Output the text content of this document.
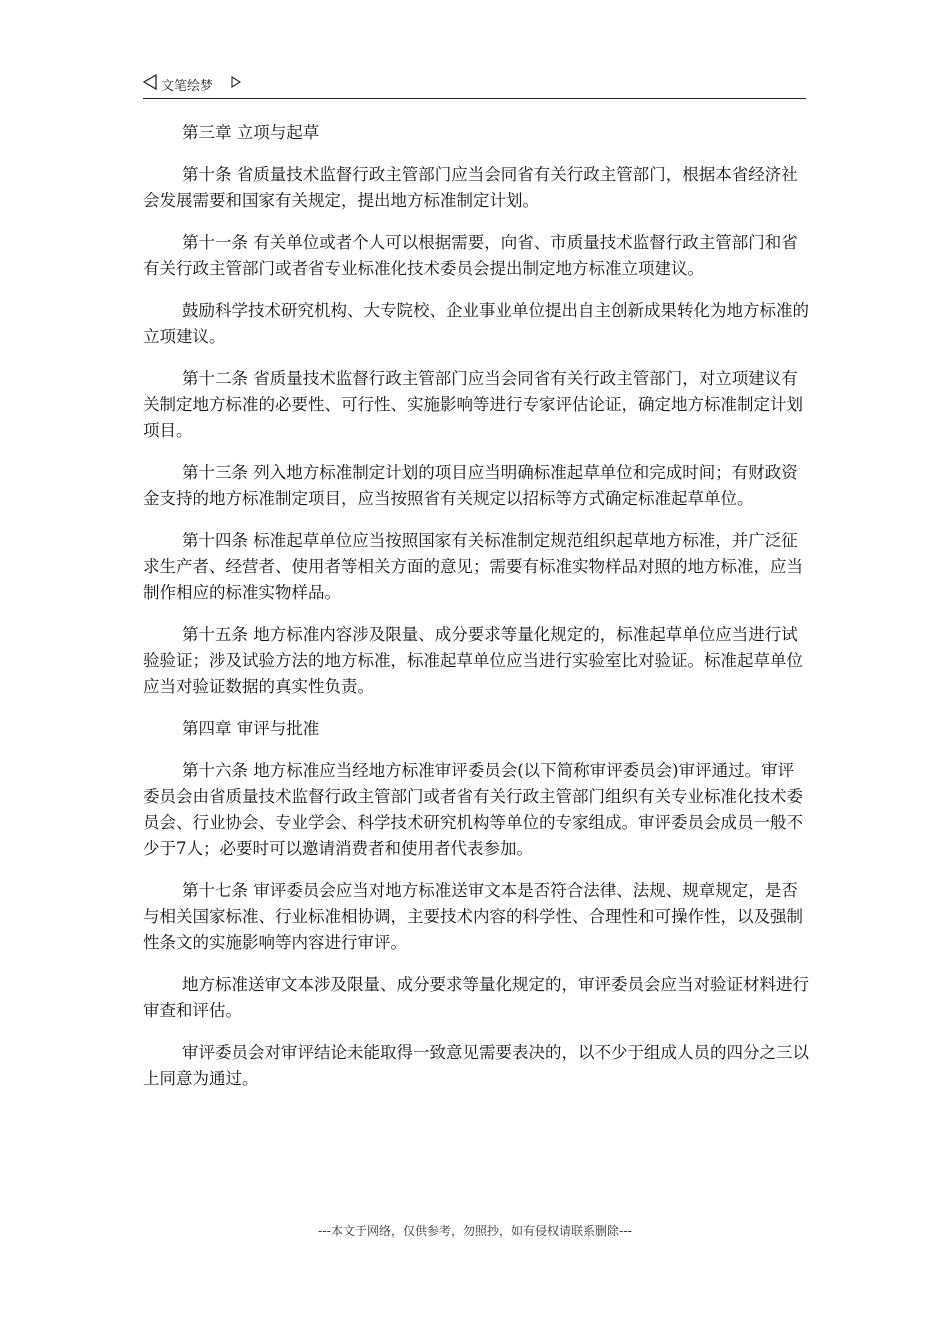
文笔绘梦

第三章 立项与起草

第十条 省质量技术监督行政主管部门应当会同省有关行政主管部门，根据本省经济社会发展需要和国家有关规定，提出地方标准制定计划。

第十一条 有关单位或者个人可以根据需要，向省、市质量技术监督行政主管部门和省有关行政主管部门或者省专业标准化技术委员会提出制定地方标准立项建议。

鼓励科学技术研究机构、大专院校、企业事业单位提出自主创新成果转化为地方标准的立项建议。

第十二条 省质量技术监督行政主管部门应当会同省有关行政主管部门，对立项建议有关制定地方标准的必要性、可行性、实施影响等进行专家评估论证，确定地方标准制定计划项目。

第十三条 列入地方标准制定计划的项目应当明确标准起草单位和完成时间；有财政资金支持的地方标准制定项目，应当按照省有关规定以招标等方式确定标准起草单位。

第十四条 标准起草单位应当按照国家有关标准制定规范组织起草地方标准，并广泛征求生产者、经营者、使用者等相关方面的意见；需要有标准实物样品对照的地方标准，应当制作相应的标准实物样品。

第十五条 地方标准内容涉及限量、成分要求等量化规定的，标准起草单位应当进行试验验证；涉及试验方法的地方标准，标准起草单位应当进行实验室比对验证。标准起草单位应当对验证数据的真实性负责。

第四章 审评与批准

第十六条 地方标准应当经地方标准审评委员会(以下简称审评委员会)审评通过。审评委员会由省质量技术监督行政主管部门或者省有关行政主管部门组织有关专业标准化技术委员会、行业协会、专业学会、科学技术研究机构等单位的专家组成。审评委员会成员一般不少于7人；必要时可以邀请消费者和使用者代表参加。

第十七条 审评委员会应当对地方标准送审文本是否符合法律、法规、规章规定，是否与相关国家标准、行业标准相协调，主要技术内容的科学性、合理性和可操作性，以及强制性条文的实施影响等内容进行审评。

地方标准送审文本涉及限量、成分要求等量化规定的，审评委员会应当对验证材料进行审查和评估。

审评委员会对审评结论未能取得一致意见需要表决的，以不少于组成人员的四分之三以上同意为通过。

---本文于网络，仅供参考，勿照抄，如有侵权请联系删除---
